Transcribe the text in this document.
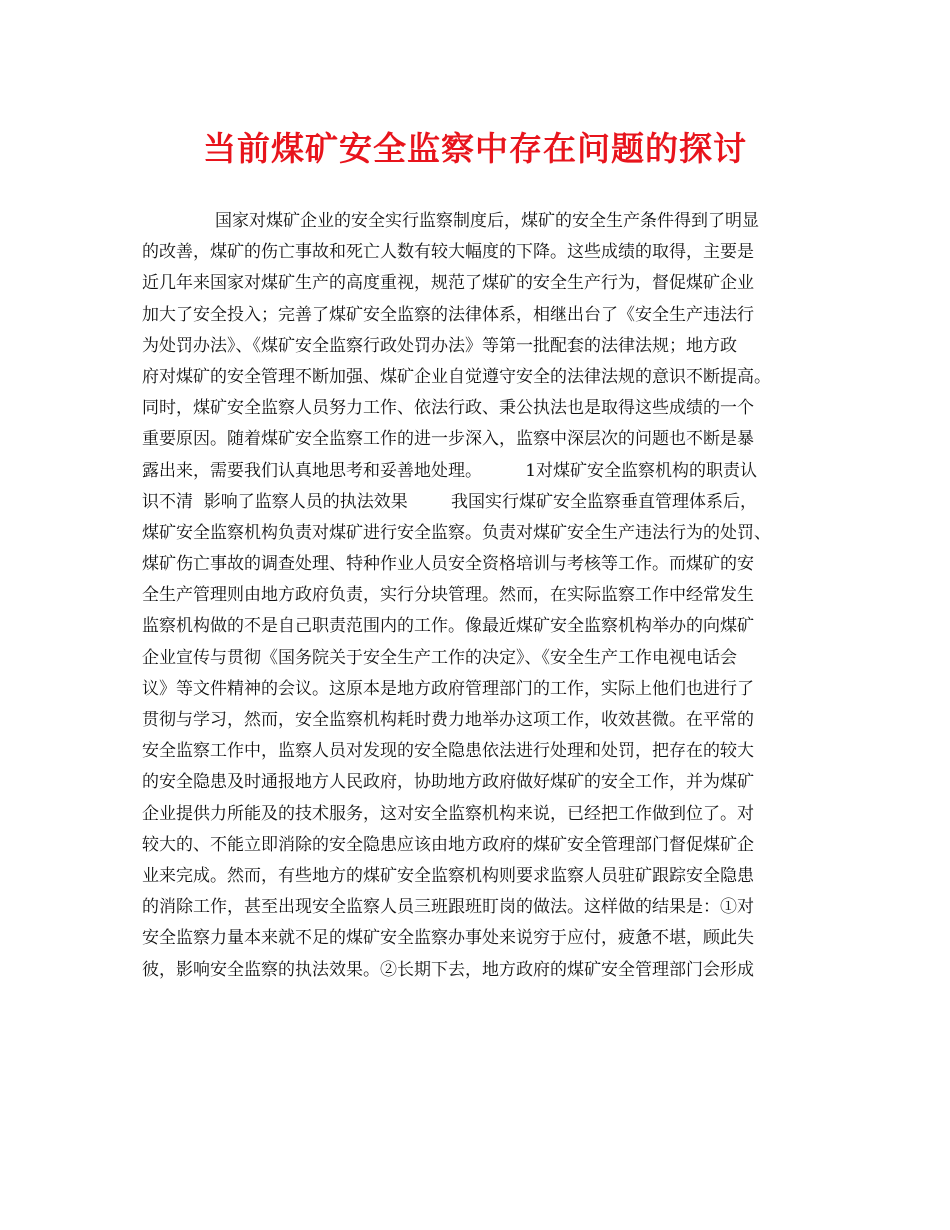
当前煤矿安全监察中存在问题的探讨
国家对煤矿企业的安全实行监察制度后，煤矿的安全生产条件得到了明显
的改善，煤矿的伤亡事故和死亡人数有较大幅度的下降。这些成绩的取得，主要是
近几年来国家对煤矿生产的高度重视，规范了煤矿的安全生产行为，督促煤矿企业
加大了安全投入；完善了煤矿安全监察的法律体系，相继出台了《安全生产违法行
为处罚办法》、《煤矿安全监察行政处罚办法》等第一批配套的法律法规；地方政
府对煤矿的安全管理不断加强、煤矿企业自觉遵守安全的法律法规的意识不断提高。
同时，煤矿安全监察人员努力工作、依法行政、秉公执法也是取得这些成绩的一个
重要原因。随着煤矿安全监察工作的进一步深入，监察中深层次的问题也不断是暴
露出来，需要我们认真地思考和妥善地处理。        1对煤矿安全监察机构的职责认
识不清  影响了监察人员的执法效果        我国实行煤矿安全监察垂直管理体系后，
煤矿安全监察机构负责对煤矿进行安全监察。负责对煤矿安全生产违法行为的处罚、
煤矿伤亡事故的调查处理、特种作业人员安全资格培训与考核等工作。而煤矿的安
全生产管理则由地方政府负责，实行分块管理。然而，在实际监察工作中经常发生
监察机构做的不是自己职责范围内的工作。像最近煤矿安全监察机构举办的向煤矿
企业宣传与贯彻《国务院关于安全生产工作的决定》、《安全生产工作电视电话会
议》等文件精神的会议。这原本是地方政府管理部门的工作，实际上他们也进行了
贯彻与学习，然而，安全监察机构耗时费力地举办这项工作，收效甚微。在平常的
安全监察工作中，监察人员对发现的安全隐患依法进行处理和处罚，把存在的较大
的安全隐患及时通报地方人民政府，协助地方政府做好煤矿的安全工作，并为煤矿
企业提供力所能及的技术服务，这对安全监察机构来说，已经把工作做到位了。对
较大的、不能立即消除的安全隐患应该由地方政府的煤矿安全管理部门督促煤矿企
业来完成。然而，有些地方的煤矿安全监察机构则要求监察人员驻矿跟踪安全隐患
的消除工作，甚至出现安全监察人员三班跟班盯岗的做法。这样做的结果是：①对
安全监察力量本来就不足的煤矿安全监察办事处来说穷于应付，疲惫不堪，顾此失
彼，影响安全监察的执法效果。②长期下去，地方政府的煤矿安全管理部门会形成
